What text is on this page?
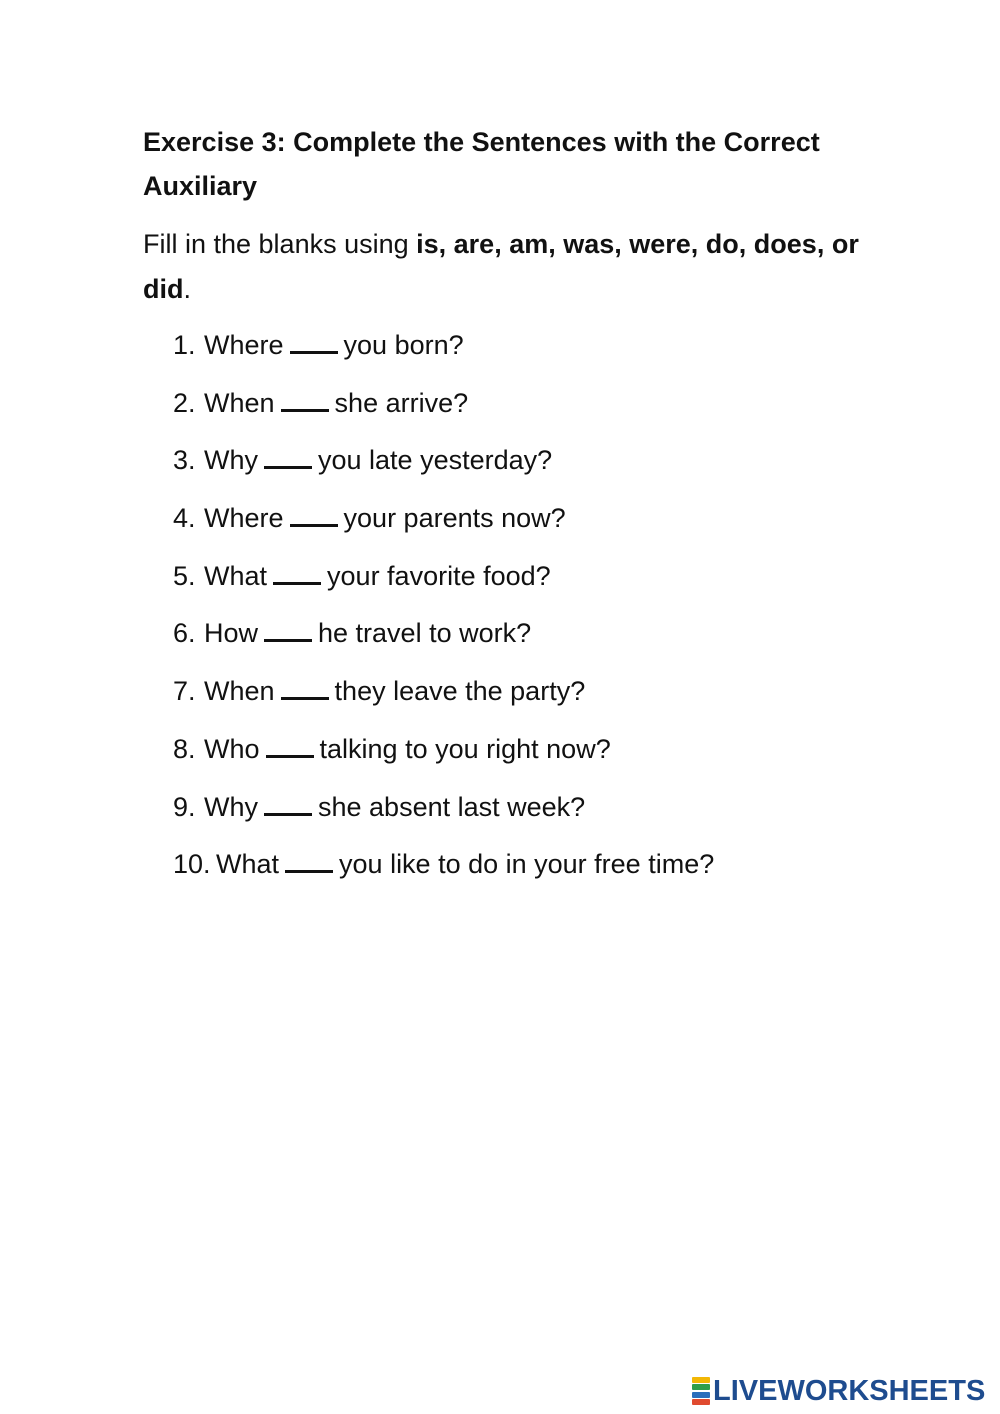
Exercise 3: Complete the Sentences with the Correct Auxiliary

Fill in the blanks using is, are, am, was, were, do, does, or did.

1. Where you born?
2. When she arrive?
3. Why you late yesterday?
4. Where your parents now?
5. What your favorite food?
6. How he travel to work?
7. When they leave the party?
8. Who talking to you right now?
9. Why she absent last week?
10. What you like to do in your free time?
LIVEWORKSHEETS
